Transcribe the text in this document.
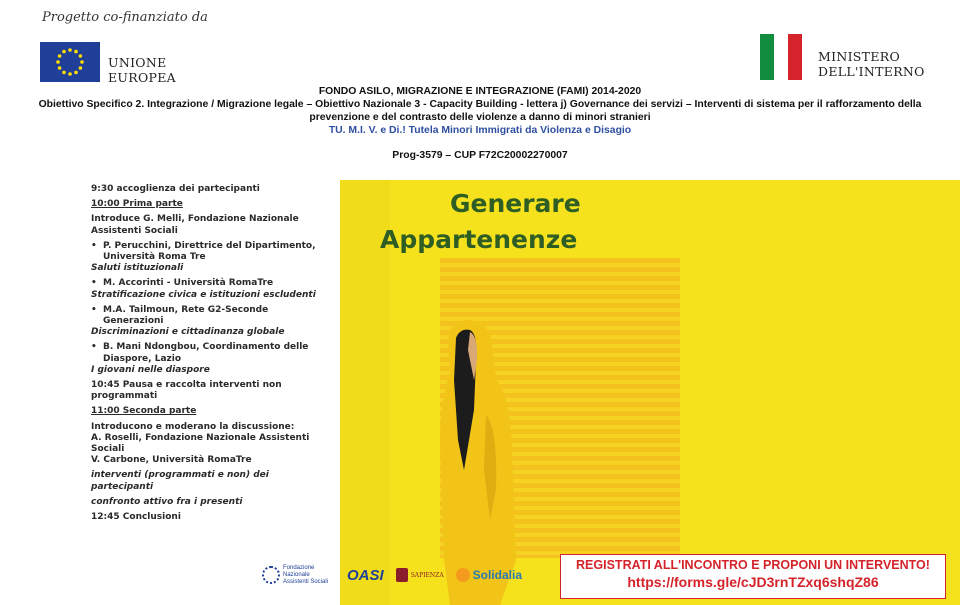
Progetto co-finanziato da
UNIONE
EUROPEA
MINISTERO
DELL'INTERNO
FONDO ASILO, MIGRAZIONE E INTEGRAZIONE (FAMI) 2014-2020
Obiettivo Specifico 2. Integrazione / Migrazione legale – Obiettivo Nazionale 3 - Capacity Building - lettera j) Governance dei servizi – Interventi di sistema per il rafforzamento della prevenzione e del contrasto delle violenze a danno di minori stranieri
TU. M.I. V. e Di.! Tutela Minori Immigrati da Violenza e Disagio
Prog-3579 – CUP F72C20002270007
Generare
Appartenenze
9:30 accoglienza dei partecipanti
10:00 Prima parte
Introduce G. Melli, Fondazione Nazionale Assistenti Sociali
• P. Perucchini, Direttrice del Dipartimento, Università Roma Tre
Saluti istituzionali
• M. Accorinti - Università RomaTre
Stratificazione civica e istituzioni escludenti
• M.A. Tailmoun, Rete G2-Seconde Generazioni
Discriminazioni e cittadinanza globale
• B. Mani Ndongbou, Coordinamento delle Diaspore, Lazio
I giovani nelle diaspore
10:45 Pausa e raccolta interventi non programmati
11:00 Seconda parte
Introducono e moderano la discussione:
A. Roselli, Fondazione Nazionale Assistenti Sociali
V. Carbone, Università RomaTre
interventi (programmati e non) dei partecipanti
confronto attivo fra i presenti
12:45 Conclusioni
Fondazione Nazionale Assistenti Sociali	OASI	SAPIENZA Solidalia
REGISTRATI ALL'INCONTRO E PROPONI UN INTERVENTO!
https://forms.gle/cJD3rnTZxq6shqZ86
